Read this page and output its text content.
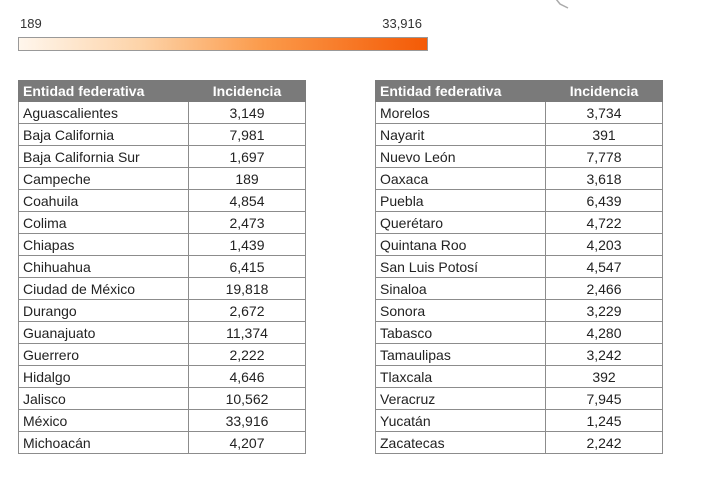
189	33,916
Entidad federativa	Incidencia
Aguascalientes	3,149
Baja California	7,981
Baja California Sur	1,697
Campeche	189
Coahuila	4,854
Colima	2,473
Chiapas	1,439
Chihuahua	6,415
Ciudad de México	19,818
Durango	2,672
Guanajuato	11,374
Guerrero	2,222
Hidalgo	4,646
Jalisco	10,562
México	33,916
Michoacán	4,207
Entidad federativa	Incidencia
Morelos	3,734
Nayarit	391
Nuevo León	7,778
Oaxaca	3,618
Puebla	6,439
Querétaro	4,722
Quintana Roo	4,203
San Luis Potosí	4,547
Sinaloa	2,466
Sonora	3,229
Tabasco	4,280
Tamaulipas	3,242
Tlaxcala	392
Veracruz	7,945
Yucatán	1,245
Zacatecas	2,242
